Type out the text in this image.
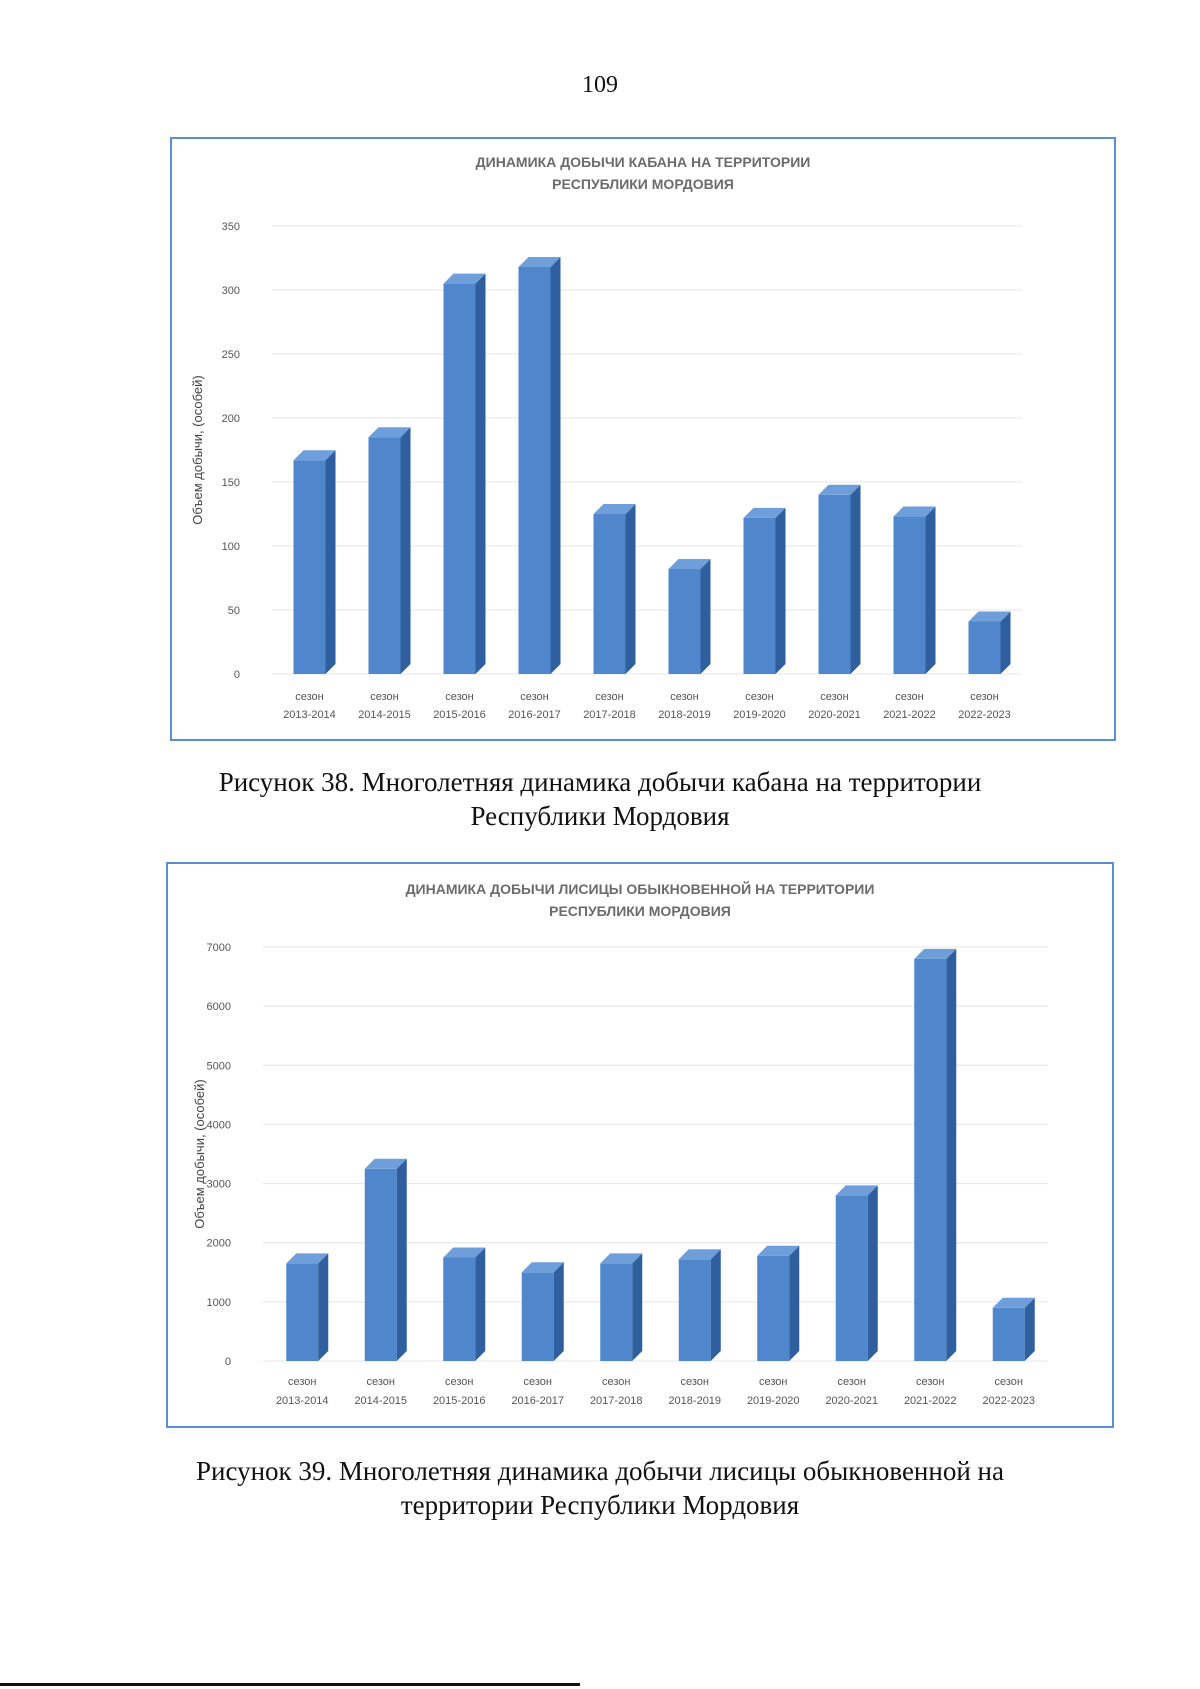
109
ДИНАМИКА ДОБЫЧИ КАБАНА НА ТЕРРИТОРИИ
РЕСПУБЛИКИ МОРДОВИЯ
0
50
100
150
200
250
300
350
Объем добычи, (особей)
сезон
2013-2014
сезон
2014-2015
сезон
2015-2016
сезон
2016-2017
сезон
2017-2018
сезон
2018-2019
сезон
2019-2020
сезон
2020-2021
сезон
2021-2022
сезон
2022-2023
Рисунок 38. Многолетняя динамика добычи кабана на территории
Республики Мордовия
ДИНАМИКА ДОБЫЧИ ЛИСИЦЫ ОБЫКНОВЕННОЙ НА ТЕРРИТОРИИ
РЕСПУБЛИКИ МОРДОВИЯ
0
1000
2000
3000
4000
5000
6000
7000
Объем добычи, (особей)
сезон
2013-2014
сезон
2014-2015
сезон
2015-2016
сезон
2016-2017
сезон
2017-2018
сезон
2018-2019
сезон
2019-2020
сезон
2020-2021
сезон
2021-2022
сезон
2022-2023
Рисунок 39. Многолетняя динамика добычи лисицы обыкновенной на
территории Республики Мордовия
